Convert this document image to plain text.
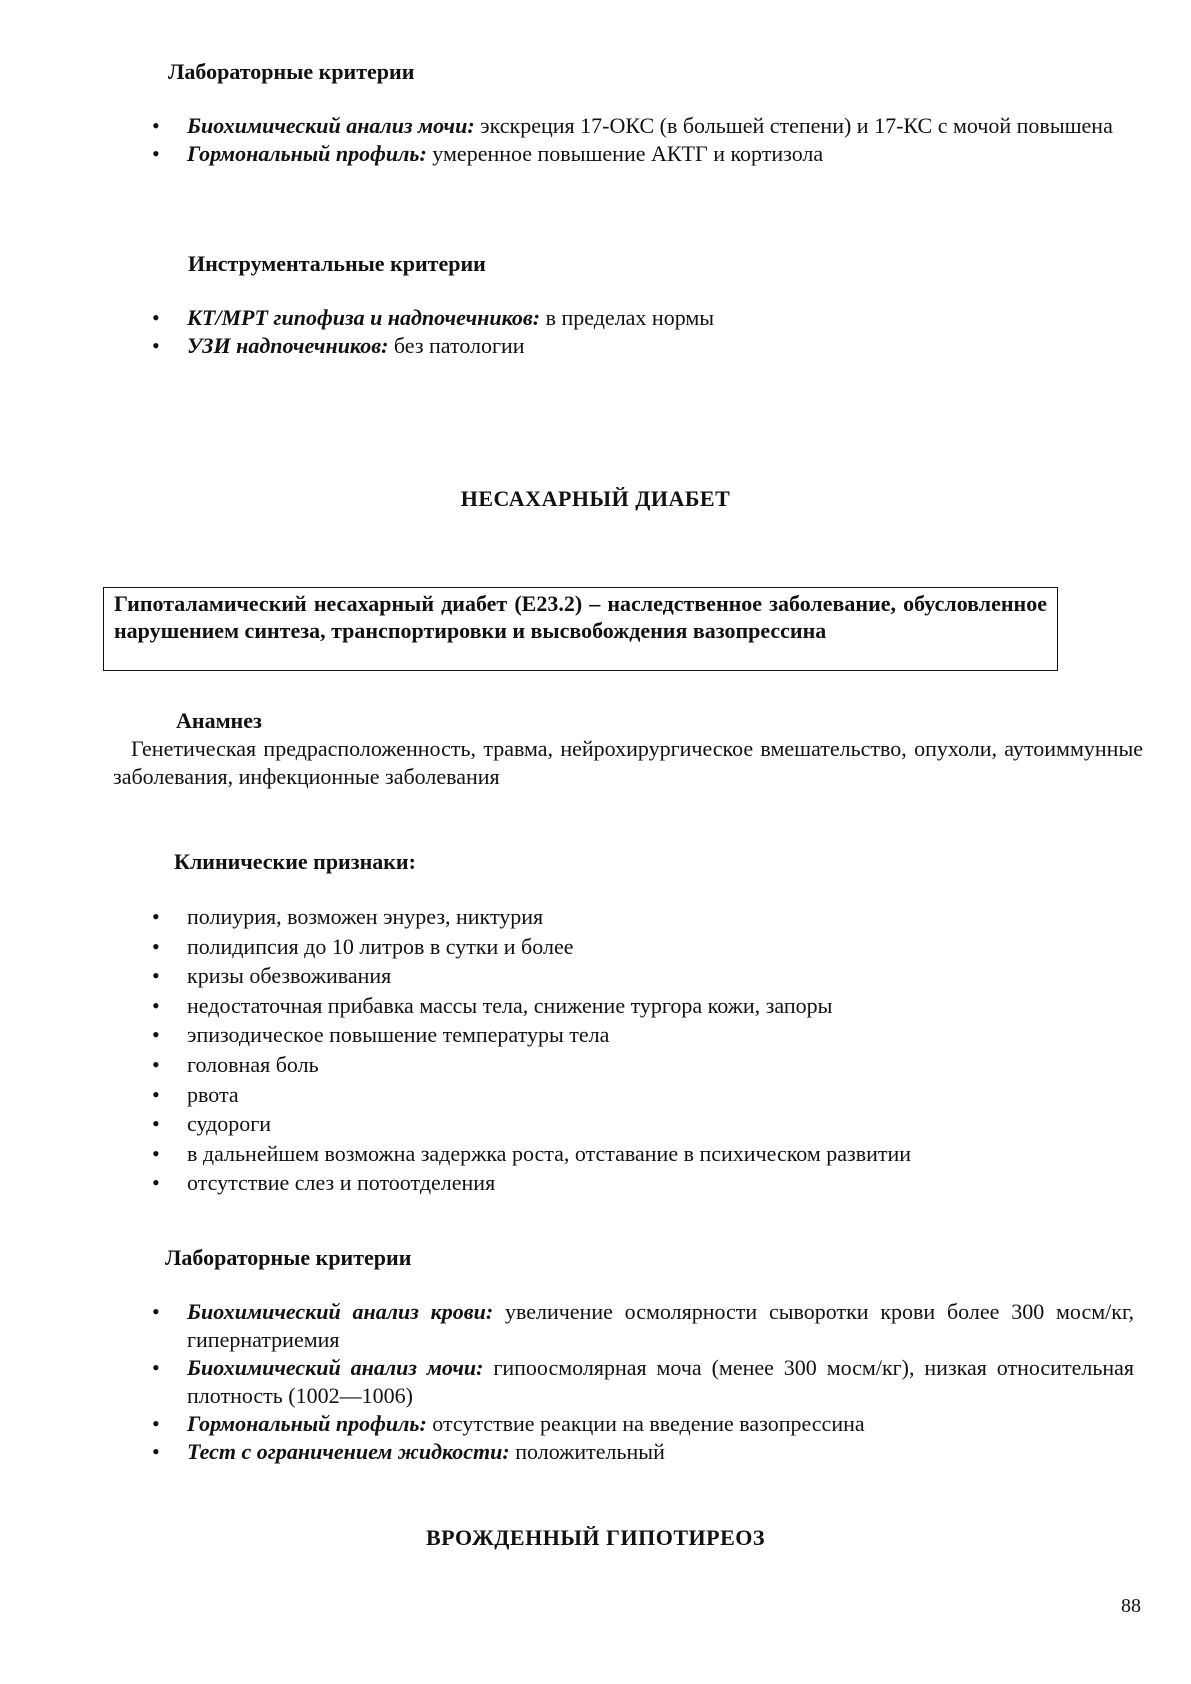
Лабораторные критерии
• Биохимический анализ мочи: экскреция 17-ОКС (в большей степени) и 17-КС с мочой повышена
• Гормональный профиль: умеренное повышение АКТГ и кортизола
Инструментальные критерии
• КТ/МРТ гипофиза и надпочечников: в пределах нормы
• УЗИ надпочечников: без патологии
НЕСАХАРНЫЙ ДИАБЕТ
Гипоталамический несахарный диабет (Е23.2) – наследственное заболевание, обусловленное нарушением синтеза, транспортировки и высвобождения вазопрессина
Анамнез
Генетическая предрасположенность, травма, нейрохирургическое вмешательство, опухоли, аутоиммунные заболевания, инфекционные заболевания
Клинические признаки:
• полиурия, возможен энурез, никтурия
• полидипсия до 10 литров в сутки и более
• кризы обезвоживания
• недостаточная прибавка массы тела, снижение тургора кожи, запоры
• эпизодическое повышение температуры тела
• головная боль
• рвота
• судороги
• в дальнейшем возможна задержка роста, отставание в психическом развитии
• отсутствие слез и потоотделения
Лабораторные критерии
• Биохимический анализ крови: увеличение осмолярности сыворотки крови более 300 мосм/кг, гипернатриемия
• Биохимический анализ мочи: гипоосмолярная моча (менее 300 мосм/кг), низкая относительная плотность (1002—1006)
• Гормональный профиль: отсутствие реакции на введение вазопрессина
• Тест с ограничением жидкости: положительный
ВРОЖДЕННЫЙ ГИПОТИРЕОЗ
88
